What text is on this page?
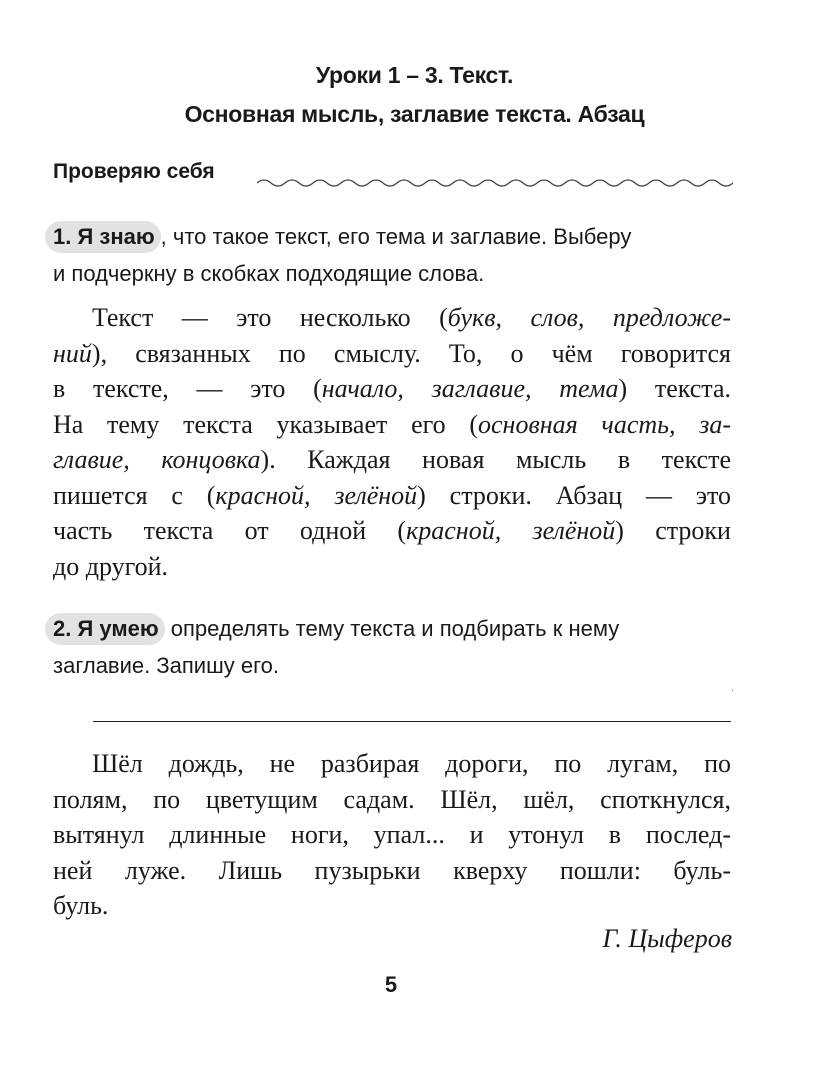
Уроки 1 – 3. Текст.
Основная мысль, заглавие текста. Абзац
Проверяю себя
1. Я знаю , что такое текст, его тема и заглавие. Выберу
и подчеркну в скобках подходящие слова.
Текст — это несколько (букв, слов, предложе-
ний), связанных по смыслу. То, о чём говорится
в тексте, — это (начало, заглавие, тема) текста.
На тему текста указывает его (основная часть, за-
главие, концовка). Каждая новая мысль в тексте
пишется с (красной, зелёной) строки. Абзац — это
часть текста от одной (красной, зелёной) строки
до другой.
2. Я умею определять тему текста и подбирать к нему
заглавие. Запишу его.
·
Шёл дождь, не разбирая дороги, по лугам, по
полям, по цветущим садам. Шёл, шёл, споткнулся,
вытянул длинные ноги, упал... и утонул в послед-
ней луже. Лишь пузырьки кверху пошли: буль-
буль.
Г. Цыферов
5
